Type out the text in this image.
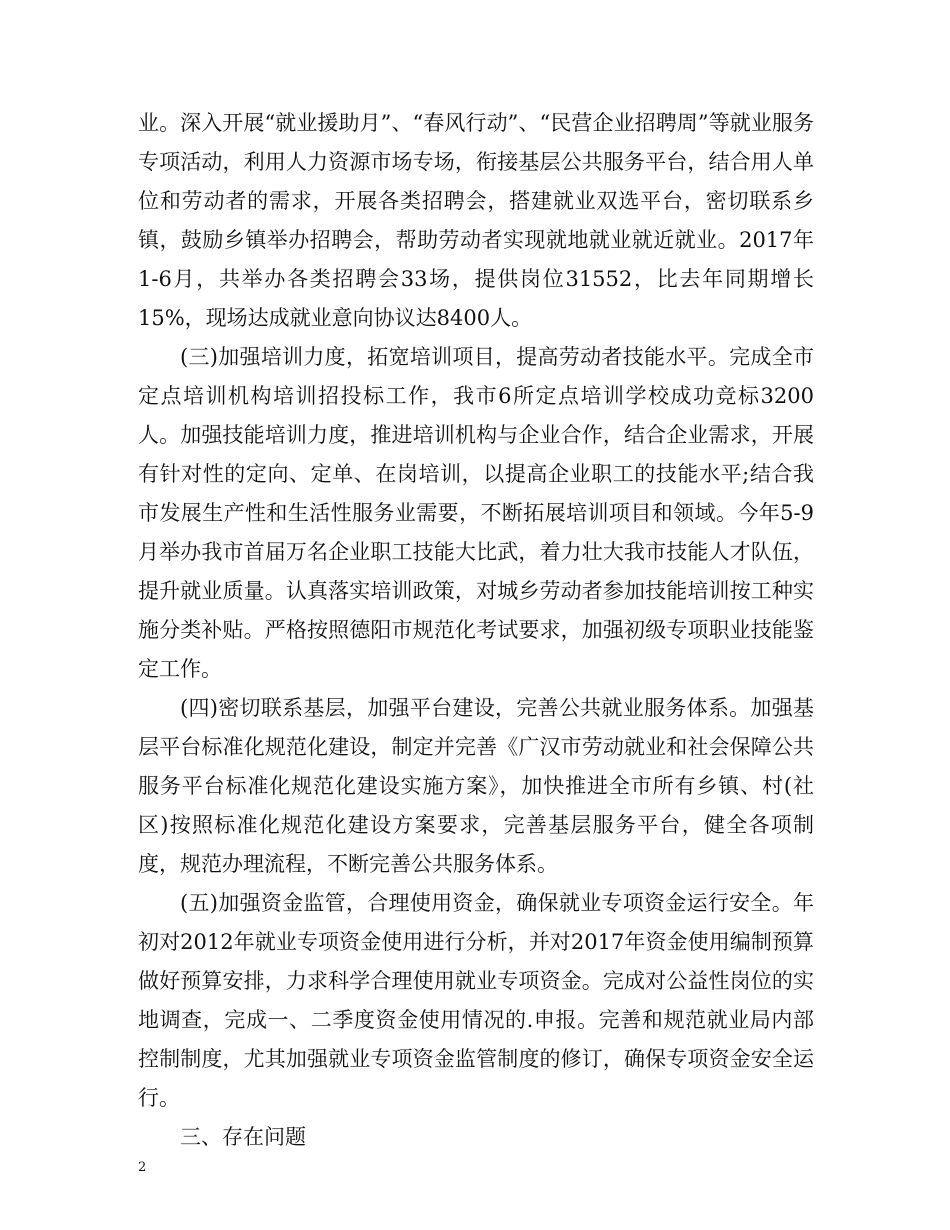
业。深入开展“就业援助月”、“春风行动”、“民营企业招聘周”等就业服务专项活动，利用人力资源市场专场，衔接基层公共服务平台，结合用人单位和劳动者的需求，开展各类招聘会，搭建就业双选平台，密切联系乡镇，鼓励乡镇举办招聘会，帮助劳动者实现就地就业就近就业。2017年1-6月，共举办各类招聘会33场，提供岗位31552，比去年同期增长15%，现场达成就业意向协议达8400人。

(三)加强培训力度，拓宽培训项目，提高劳动者技能水平。完成全市定点培训机构培训招投标工作，我市6所定点培训学校成功竞标3200 人。加强技能培训力度，推进培训机构与企业合作，结合企业需求，开展有针对性的定向、定单、在岗培训，以提高企业职工的技能水平;结合我市发展生产性和生活性服务业需要，不断拓展培训项目和领域。今年5-9月举办我市首届万名企业职工技能大比武，着力壮大我市技能人才队伍，提升就业质量。认真落实培训政策，对城乡劳动者参加技能培训按工种实施分类补贴。严格按照德阳市规范化考试要求，加强初级专项职业技能鉴定工作。

(四)密切联系基层，加强平台建设，完善公共就业服务体系。加强基层平台标准化规范化建设，制定并完善《广汉市劳动就业和社会保障公共服务平台标准化规范化建设实施方案》，加快推进全市所有乡镇、村(社区)按照标准化规范化建设方案要求，完善基层服务平台，健全各项制度，规范办理流程，不断完善公共服务体系。

(五)加强资金监管，合理使用资金，确保就业专项资金运行安全。年初对2012年就业专项资金使用进行分析，并对2017年资金使用编制预算做好预算安排，力求科学合理使用就业专项资金。完成对公益性岗位的实地调查，完成一、二季度资金使用情况的.申报。完善和规范就业局内部控制制度，尤其加强就业专项资金监管制度的修订，确保专项资金安全运行。

三、存在问题

2
